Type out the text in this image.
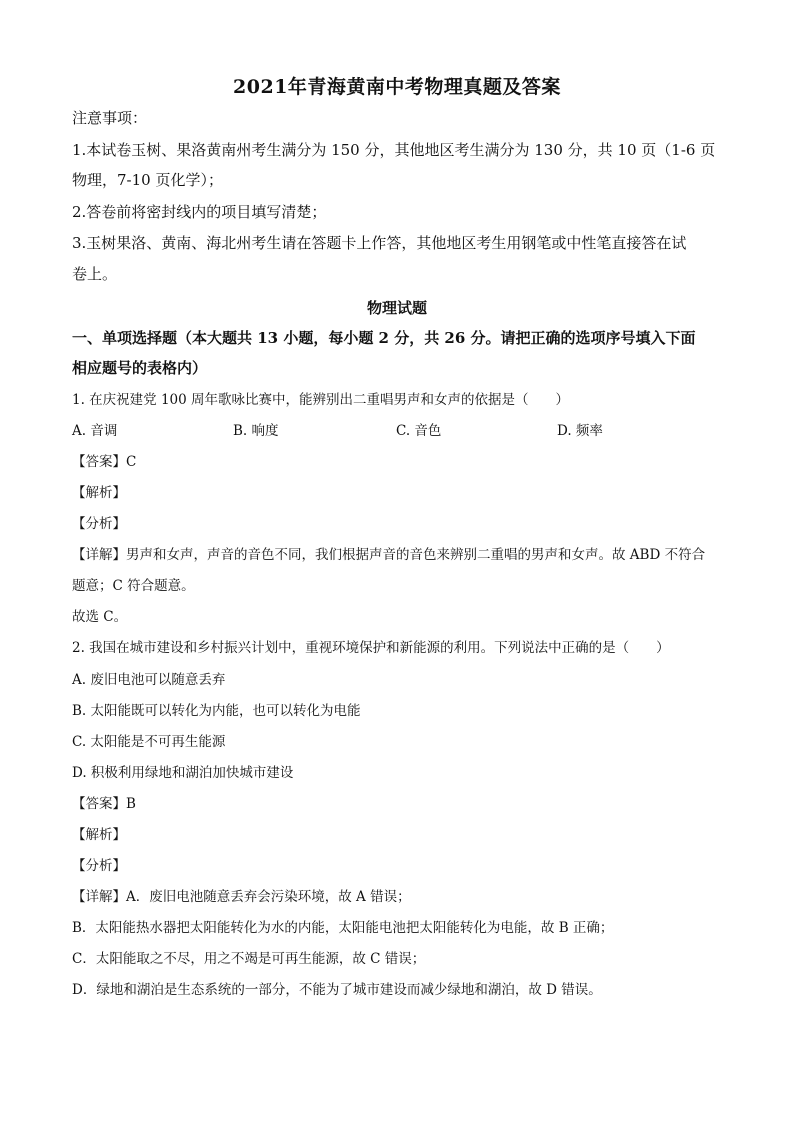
2021年青海黄南中考物理真题及答案
注意事项：
1.本试卷玉树、果洛黄南州考生满分为 150 分，其他地区考生满分为 130 分，共 10 页（1-6 页
物理，7-10 页化学）；
2.答卷前将密封线内的项目填写清楚；
3.玉树果洛、黄南、海北州考生请在答题卡上作答，其他地区考生用钢笔或中性笔直接答在试
卷上。
物理试题
一、单项选择题（本大题共 13 小题，每小题 2 分，共 26 分。请把正确的选项序号填入下面
相应题号的表格内）
1. 在庆祝建党 100 周年歌咏比赛中，能辨别出二重唱男声和女声的依据是（　　）
A. 音调	B. 响度	C. 音色	D. 频率
【答案】C
【解析】
【分析】
【详解】男声和女声，声音的音色不同，我们根据声音的音色来辨别二重唱的男声和女声。故 ABD 不符合
题意；C 符合题意。
故选 C。
2. 我国在城市建设和乡村振兴计划中，重视环境保护和新能源的利用。下列说法中正确的是（　　）
A. 废旧电池可以随意丢弃
B. 太阳能既可以转化为内能，也可以转化为电能
C. 太阳能是不可再生能源
D. 积极利用绿地和湖泊加快城市建设
【答案】B
【解析】
【分析】
【详解】A．废旧电池随意丢弃会污染环境，故 A 错误；
B．太阳能热水器把太阳能转化为水的内能，太阳能电池把太阳能转化为电能，故 B 正确；
C．太阳能取之不尽，用之不竭是可再生能源，故 C 错误；
D．绿地和湖泊是生态系统的一部分，不能为了城市建设而减少绿地和湖泊，故 D 错误。
